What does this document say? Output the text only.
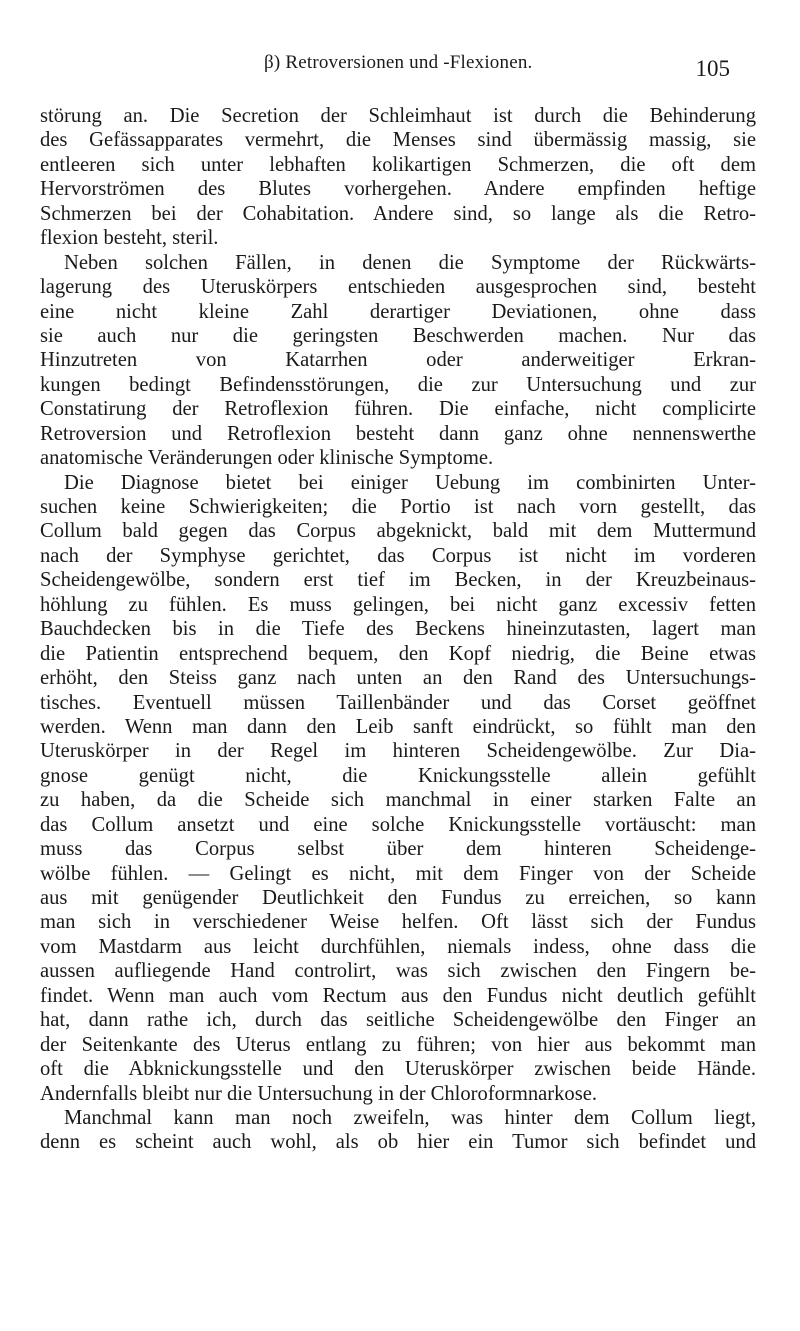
β) Retroversionen und -Flexionen.	105
störung an. Die Secretion der Schleimhaut ist durch die Behinderung
des Gefässapparates vermehrt, die Menses sind übermässig massig, sie
entleeren sich unter lebhaften kolikartigen Schmerzen, die oft dem
Hervorströmen des Blutes vorhergehen. Andere empfinden heftige
Schmerzen bei der Cohabitation. Andere sind, so lange als die Retro-
flexion besteht, steril.
Neben solchen Fällen, in denen die Symptome der Rückwärts-
lagerung des Uteruskörpers entschieden ausgesprochen sind, besteht
eine nicht kleine Zahl derartiger Deviationen, ohne dass
sie auch nur die geringsten Beschwerden machen. Nur das
Hinzutreten von Katarrhen oder anderweitiger Erkran-
kungen bedingt Befindensstörungen, die zur Untersuchung und zur
Constatirung der Retroflexion führen. Die einfache, nicht complicirte
Retroversion und Retroflexion besteht dann ganz ohne nennenswerthe
anatomische Veränderungen oder klinische Symptome.
Die Diagnose bietet bei einiger Uebung im combinirten Unter-
suchen keine Schwierigkeiten; die Portio ist nach vorn gestellt, das
Collum bald gegen das Corpus abgeknickt, bald mit dem Muttermund
nach der Symphyse gerichtet, das Corpus ist nicht im vorderen
Scheidengewölbe, sondern erst tief im Becken, in der Kreuzbeinaus-
höhlung zu fühlen. Es muss gelingen, bei nicht ganz excessiv fetten
Bauchdecken bis in die Tiefe des Beckens hineinzutasten, lagert man
die Patientin entsprechend bequem, den Kopf niedrig, die Beine etwas
erhöht, den Steiss ganz nach unten an den Rand des Untersuchungs-
tisches. Eventuell müssen Taillenbänder und das Corset geöffnet
werden. Wenn man dann den Leib sanft eindrückt, so fühlt man den
Uteruskörper in der Regel im hinteren Scheidengewölbe. Zur Dia-
gnose genügt nicht, die Knickungsstelle allein gefühlt
zu haben, da die Scheide sich manchmal in einer starken Falte an
das Collum ansetzt und eine solche Knickungsstelle vortäuscht: man
muss das Corpus selbst über dem hinteren Scheidenge-
wölbe fühlen. — Gelingt es nicht, mit dem Finger von der Scheide
aus mit genügender Deutlichkeit den Fundus zu erreichen, so kann
man sich in verschiedener Weise helfen. Oft lässt sich der Fundus
vom Mastdarm aus leicht durchfühlen, niemals indess, ohne dass die
aussen aufliegende Hand controlirt, was sich zwischen den Fingern be-
findet. Wenn man auch vom Rectum aus den Fundus nicht deutlich gefühlt
hat, dann rathe ich, durch das seitliche Scheidengewölbe den Finger an
der Seitenkante des Uterus entlang zu führen; von hier aus bekommt man
oft die Abknickungsstelle und den Uteruskörper zwischen beide Hände.
Andernfalls bleibt nur die Untersuchung in der Chloroformnarkose.
Manchmal kann man noch zweifeln, was hinter dem Collum liegt,
denn es scheint auch wohl, als ob hier ein Tumor sich befindet und
